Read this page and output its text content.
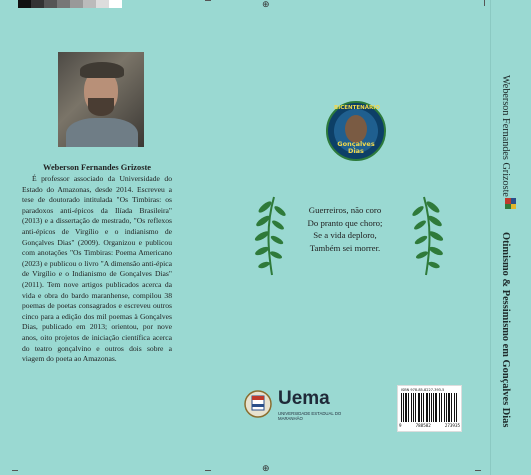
⊕
⊕
Weberson Fernandes Grizoste
É professor associado da Universidade do Estado do Amazonas, desde 2014. Escreveu a tese de doutorado intitulada "Os Timbiras: os paradoxos anti-épicos da Ilíada Brasileira" (2013) e a dissertação de mestrado, "Os reflexos anti-épicos de Virgílio e o indianismo de Gonçalves Dias" (2009). Organizou e publicou com anotações "Os Timbiras: Poema Americano (2023) e publicou o livro "A dimensão anti-épica de Virgílio e o Indianismo de Gonçalves Dias" (2011). Tem nove artigos publicados acerca da vida e obra do bardo maranhense, compilou 38 poemas de poetas consagrados e escreveu outros cinco para a edição dos mil poemas à Gonçalves Dias, publicado em 2013; orientou, por nove anos, oito projetos de iniciação científica acerca do teatro gonçalvino e outros dois sobre a viagem do poeta ao Amazonas.
BICENTENÁRIO
Gonçalves
Dias
Guerreiros, não coro
Do pranto que choro;
Se a vida deploro,
Também sei morrer.
Uema
UNIVERSIDADE ESTADUAL DO MARANHÃO
ISBN 978-85-8227-393-5
9	788582	273935
Weberson Fernandes Grizoste
Otimismo & Pessimismo em Gonçalves Dias
